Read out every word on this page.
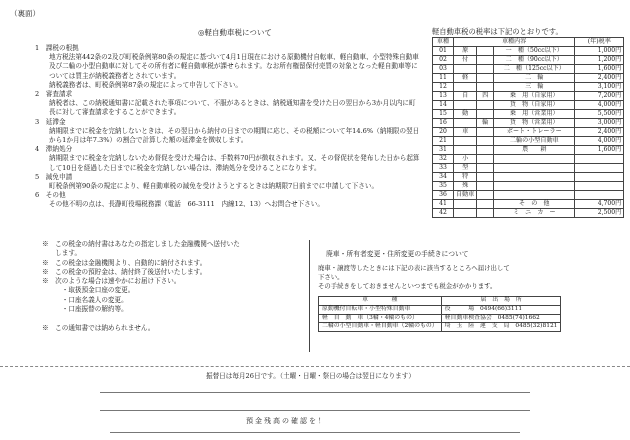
（裏面）
◎軽自動車税について
1　課税の根拠
地方税法第442条の2及び町税条例第80条の規定に基づいて4月1日現在における原動機付自転車、軽自動車、小型特殊自動車及び二輪の小型自動車に対してその所有者に軽自動車税が課せられます。なお所有権留保付売買の対象となった軽自動車等については買主が納税義務者とされています。
納税義務者は、町税条例第87条の規定によって申告して下さい。
2　審査請求
納税者は、この納税通知書に記載された事項について、不服があるときは、納税通知書を受けた日の翌日から3か月以内に町長に対して審査請求をすることができます。
3　延滞金
納期限までに税金を完納しないときは、その翌日から納付の日までの期間に応じ、その税額について年14.6%（納期限の翌日から1か月は年7.3%）の割合で計算した額の延滞金を徴収します。
4　滞納処分
納期限までに税金を完納しないため督促を受けた場合は、手数料70円が徴収されます。又、その督促状を発布した日から起算して10日を経過した日までに税金を完納しない場合は、滞納処分を受けることになります。
5　減免申請
町税条例第90条の規定により、軽自動車税の減免を受けようとするときは納期限7日前までに申請して下さい。
6　その他
その他不明の点は、長瀞町役場税務課（電話　66-3111　内線12、13）へお問合せ下さい。
軽自動車税の税率は下記のとおりです。
車種	車種内容			(年)税率
01	原		一　種（50cc以下）	1,000円
02	付		二　種（90cc以下）	1,200円
03			二　種（125cc以下）	1,600円
11	軽		二　輪	2,400円
12			三　輪	3,100円
13	自	四	乗　用（自家用）	7,200円
14			貨　物（自家用）	4,000円
15	動		乗　用（営業用）	5,500円
16		輪	貨　物（営業用）	3,000円
20	車		ボート・トレーラー	2,400円
21			二輪の小型自動車	4,000円
31			農　　耕	1,600円
32	小			
33	型			
34	特			
35	殊			
36	自動車			
41			そ　の　他	4,700円
42			ミ　ニ　カ　ー	2,500円
※　この税金の納付書はあなたの指定しました金融機関へ送付いた
　　します。
※　この税金は金融機関より、自動的に納付されます。
※　この税金の預貯金は、納付終了後送付いたします。
※　次のような場合は速やかにお届け下さい。
　　　・取扱預金口座の変更。
　　　・口座名義人の変更。
　　　・口座振替の解約等。

※　この通知書では納められません。
廃車・所有者変更・住所変更の手続きについて
廃車・譲渡等したときには下記の表に該当するところへ届け出して
下さい。
その手続きをしておきませんといつまでも税金がかかります。
車　　　　種	届　出　場　所
原動機付自転車・小型特殊自動車	役　　　場　0494(66)3111
軽　自　動　車（3輪・4輪のもの）	軽自動車検査協会　0485(74)1662
二輪の小型自動車・軽自動車（2輪のもの）	埼　玉　陸　運　支　局　0485(32)8121
振替日は毎月26日です。（土曜・日曜・祭日の場合は翌日になります）
預金残高の確認を！
